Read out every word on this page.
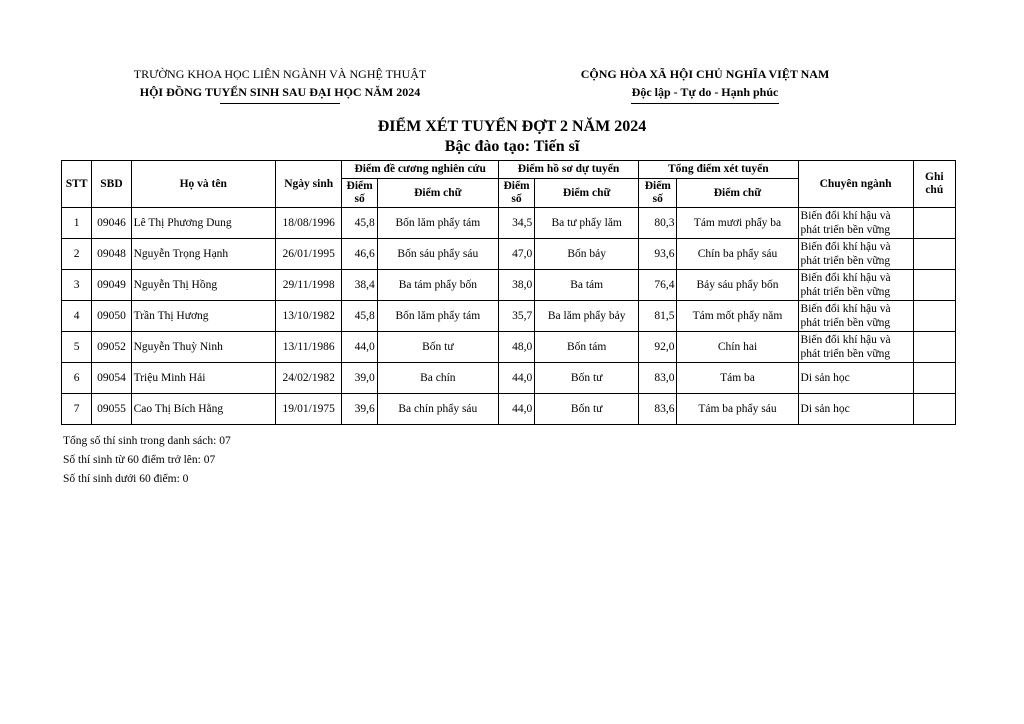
TRƯỜNG KHOA HỌC LIÊN NGÀNH VÀ NGHỆ THUẬT
HỘI ĐỒNG TUYỂN SINH SAU ĐẠI HỌC NĂM 2024
CỘNG HÒA XÃ HỘI CHỦ NGHĨA VIỆT NAM
Độc lập - Tự do - Hạnh phúc
ĐIỂM XÉT TUYỂN ĐỢT 2 NĂM 2024
Bậc đào tạo: Tiến sĩ
STT	SBD	Họ và tên	Ngày sinh	Điểm đề cương nghiên cứu		Điểm hồ sơ dự tuyển		Tổng điểm xét tuyển		Chuyên ngành	Ghi chú
				Điểm số	Điểm chữ	Điểm số	Điểm chữ	Điểm số	Điểm chữ		
1	09046	Lê Thị Phương Dung	18/08/1996	45,8	Bốn lăm phẩy tám	34,5	Ba tư phẩy lăm	80,3	Tám mươi phẩy ba	Biến đổi khí hậu và phát triển bền vững	
2	09048	Nguyễn Trọng Hạnh	26/01/1995	46,6	Bốn sáu phẩy sáu	47,0	Bốn bảy	93,6	Chín ba phẩy sáu	Biến đổi khí hậu và phát triển bền vững	
3	09049	Nguyễn Thị Hồng	29/11/1998	38,4	Ba tám phẩy bốn	38,0	Ba tám	76,4	Bảy sáu phẩy bốn	Biến đổi khí hậu và phát triển bền vững	
4	09050	Trần Thị Hương	13/10/1982	45,8	Bốn lăm phẩy tám	35,7	Ba lăm phẩy bảy	81,5	Tám mốt phẩy năm	Biến đổi khí hậu và phát triển bền vững	
5	09052	Nguyễn Thuỳ Ninh	13/11/1986	44,0	Bốn tư	48,0	Bốn tám	92,0	Chín hai	Biến đổi khí hậu và phát triển bền vững	
6	09054	Triệu Minh Hải	24/02/1982	39,0	Ba chín	44,0	Bốn tư	83,0	Tám ba	Di sản học	
7	09055	Cao Thị Bích Hằng	19/01/1975	39,6	Ba chín phẩy sáu	44,0	Bốn tư	83,6	Tám ba phẩy sáu	Di sản học	
Tổng số thí sinh trong danh sách: 07
Số thí sinh từ 60 điểm trở lên: 07
Số thí sinh dưới 60 điểm: 0
